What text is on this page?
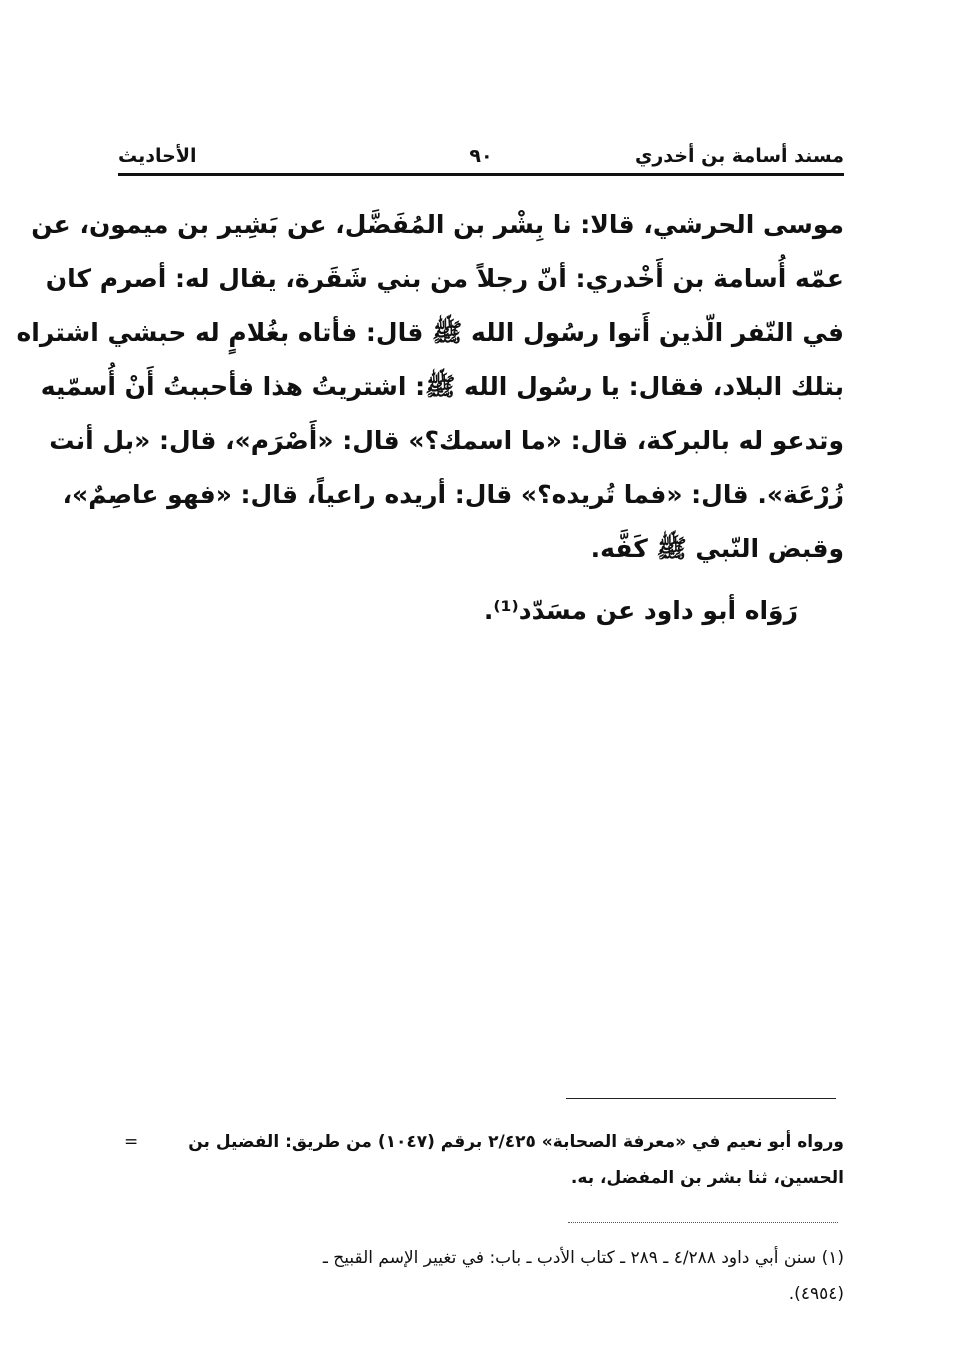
مسند أسامة بن أخدري
٩٠
الأحاديث
موسى الحرشي، قالا: نا بِشْر بن المُفَضَّل، عن بَشِير بن ميمون، عن
عمّه أُسامة بن أَخْدري: أنّ رجلاً من بني شَقَرة، يقال له: أصرم كان
في النّفر الّذين أَتوا رسُول الله ﷺ قال: فأتاه بغُلامٍ له حبشي اشتراه
بتلك البلاد، فقال: يا رسُول الله ﷺ: اشتريتُ هذا فأحببتُ أَنْ أُسمّيه
وتدعو له بالبركة، قال: «ما اسمك؟» قال: «أَصْرَم»، قال: «بل أنت
زُرْعَة». قال: «فما تُريده؟» قال: أريده راعياً، قال: «فهو عاصِمٌ»،
وقبض النّبي ﷺ كَفَّه.
رَوَاه أبو داود عن مسَدّد⁽¹⁾.
=	ورواه أبو نعيم في «معرفة الصحابة» ٢/٤٢٥ برقم (١٠٤٧) من طريق: الفضيل بن

الحسين، ثنا بشر بن المفضل، به.

(١) سنن أبي داود ٤/٢٨٨ ـ ٢٨٩ ـ كتاب الأدب ـ باب: في تغيير الإسم القبيح ـ

(٤٩٥٤).
